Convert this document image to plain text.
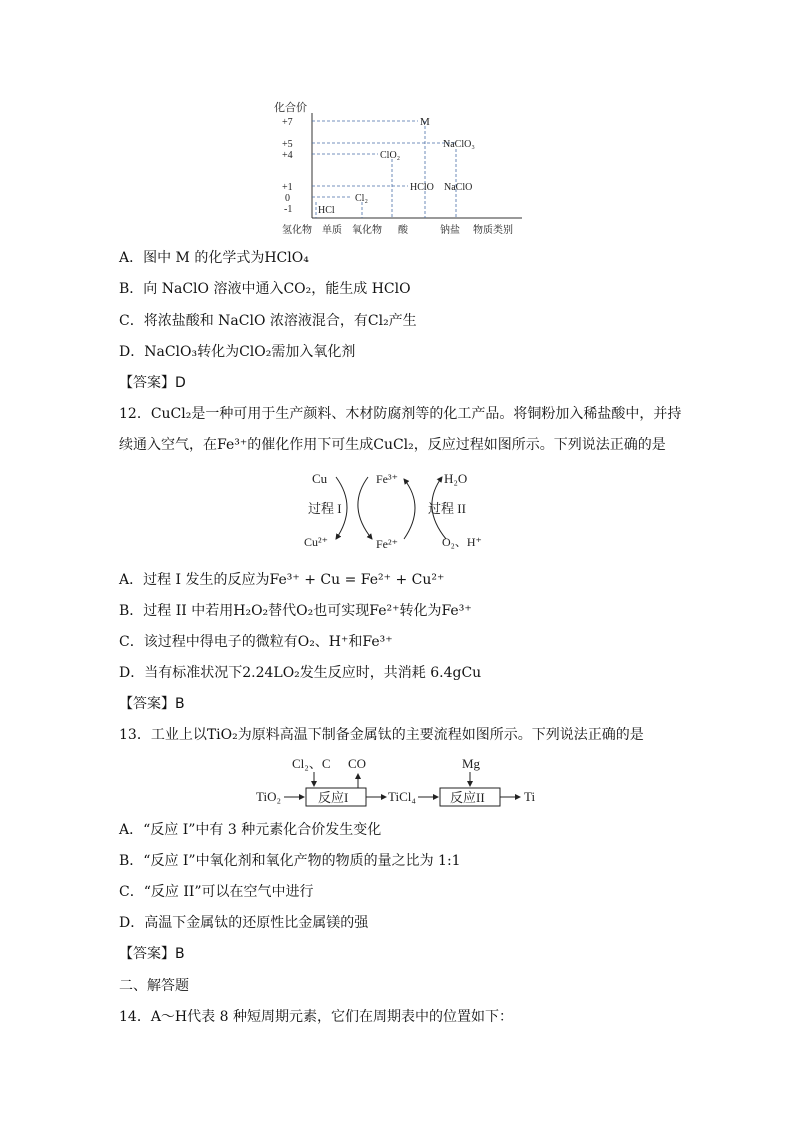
化合价
+7
+5
+4
+1
0
-1
M
NaClO₃
ClO₂
HClO NaClO
Cl₂
HCl
氢化物 单质 氧化物 酸	钠盐 物质类别
A．图中 M 的化学式为HClO₄
B．向 NaClO 溶液中通入CO₂，能生成 HClO
C．将浓盐酸和 NaClO 浓溶液混合，有Cl₂产生
D．NaClO₃转化为ClO₂需加入氧化剂
【答案】D
12．CuCl₂是一种可用于生产颜料、木材防腐剂等的化工产品。将铜粉加入稀盐酸中，并持
续通入空气，在Fe³⁺的催化作用下可生成CuCl₂，反应过程如图所示。下列说法正确的是
Cu	Fe³⁺	H₂O
过程 I	过程 II
Cu²⁺	Fe²⁺	O₂、H⁺
A．过程 I 发生的反应为Fe³⁺ + Cu = Fe²⁺ + Cu²⁺
B．过程 II 中若用H₂O₂替代O₂也可实现Fe²⁺转化为Fe³⁺
C．该过程中得电子的微粒有O₂、H⁺和Fe³⁺
D．当有标准状况下2.24LO₂发生反应时，共消耗 6.4gCu
【答案】B
13．工业上以TiO₂为原料高温下制备金属钛的主要流程如图所示。下列说法正确的是
Cl₂、C CO	Mg
TiO₂	反应I	TiCl₄	反应II	Ti
A．“反应 I”中有 3 种元素化合价发生变化
B．“反应 I”中氧化剂和氧化产物的物质的量之比为 1:1
C．“反应 II”可以在空气中进行
D．高温下金属钛的还原性比金属镁的强
【答案】B
二、解答题
14．A～H代表 8 种短周期元素，它们在周期表中的位置如下：
